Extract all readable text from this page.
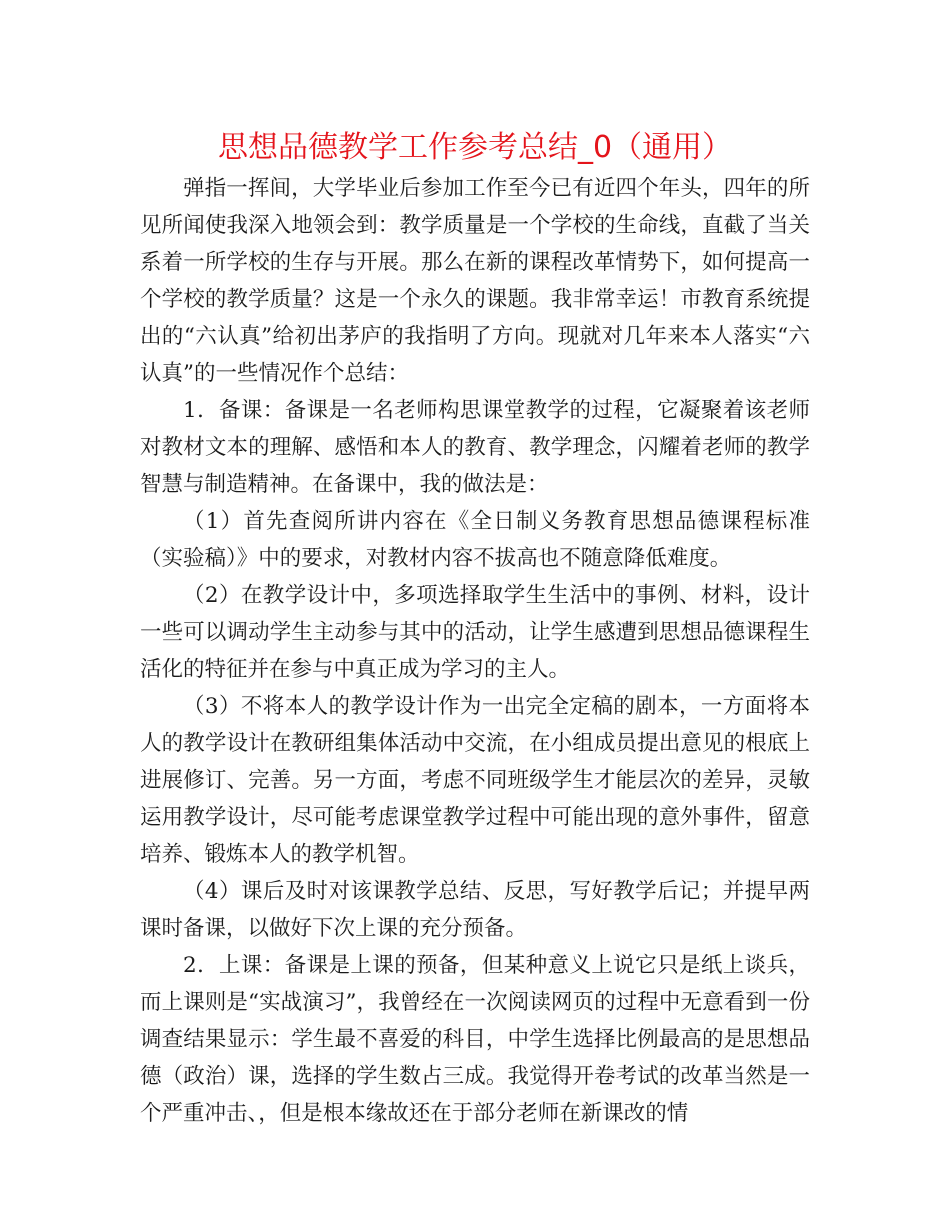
思想品德教学工作参考总结_0（通用）

弹指一挥间，大学毕业后参加工作至今已有近四个年头，四年的所见所闻使我深入地领会到：教学质量是一个学校的生命线，直截了当关系着一所学校的生存与开展。那么在新的课程改革情势下，如何提高一个学校的教学质量？这是一个永久的课题。我非常幸运！市教育系统提出的“六认真”给初出茅庐的我指明了方向。现就对几年来本人落实“六认真”的一些情况作个总结：

1．备课：备课是一名老师构思课堂教学的过程，它凝聚着该老师对教材文本的理解、感悟和本人的教育、教学理念，闪耀着老师的教学智慧与制造精神。在备课中，我的做法是：

（1）首先查阅所讲内容在《全日制义务教育思想品德课程标准（实验稿）》中的要求，对教材内容不拔高也不随意降低难度。

（2）在教学设计中，多项选择取学生生活中的事例、材料，设计一些可以调动学生主动参与其中的活动，让学生感遭到思想品德课程生活化的特征并在参与中真正成为学习的主人。

（3）不将本人的教学设计作为一出完全定稿的剧本，一方面将本人的教学设计在教研组集体活动中交流，在小组成员提出意见的根底上进展修订、完善。另一方面，考虑不同班级学生才能层次的差异，灵敏运用教学设计，尽可能考虑课堂教学过程中可能出现的意外事件，留意培养、锻炼本人的教学机智。

（4）课后及时对该课教学总结、反思，写好教学后记；并提早两课时备课，以做好下次上课的充分预备。

2．上课：备课是上课的预备，但某种意义上说它只是纸上谈兵，而上课则是“实战演习”，我曾经在一次阅读网页的过程中无意看到一份调查结果显示：学生最不喜爱的科目，中学生选择比例最高的是思想品德（政治）课，选择的学生数占三成。我觉得开卷考试的改革当然是一个严重冲击、，但是根本缘故还在于部分老师在新课改的情
